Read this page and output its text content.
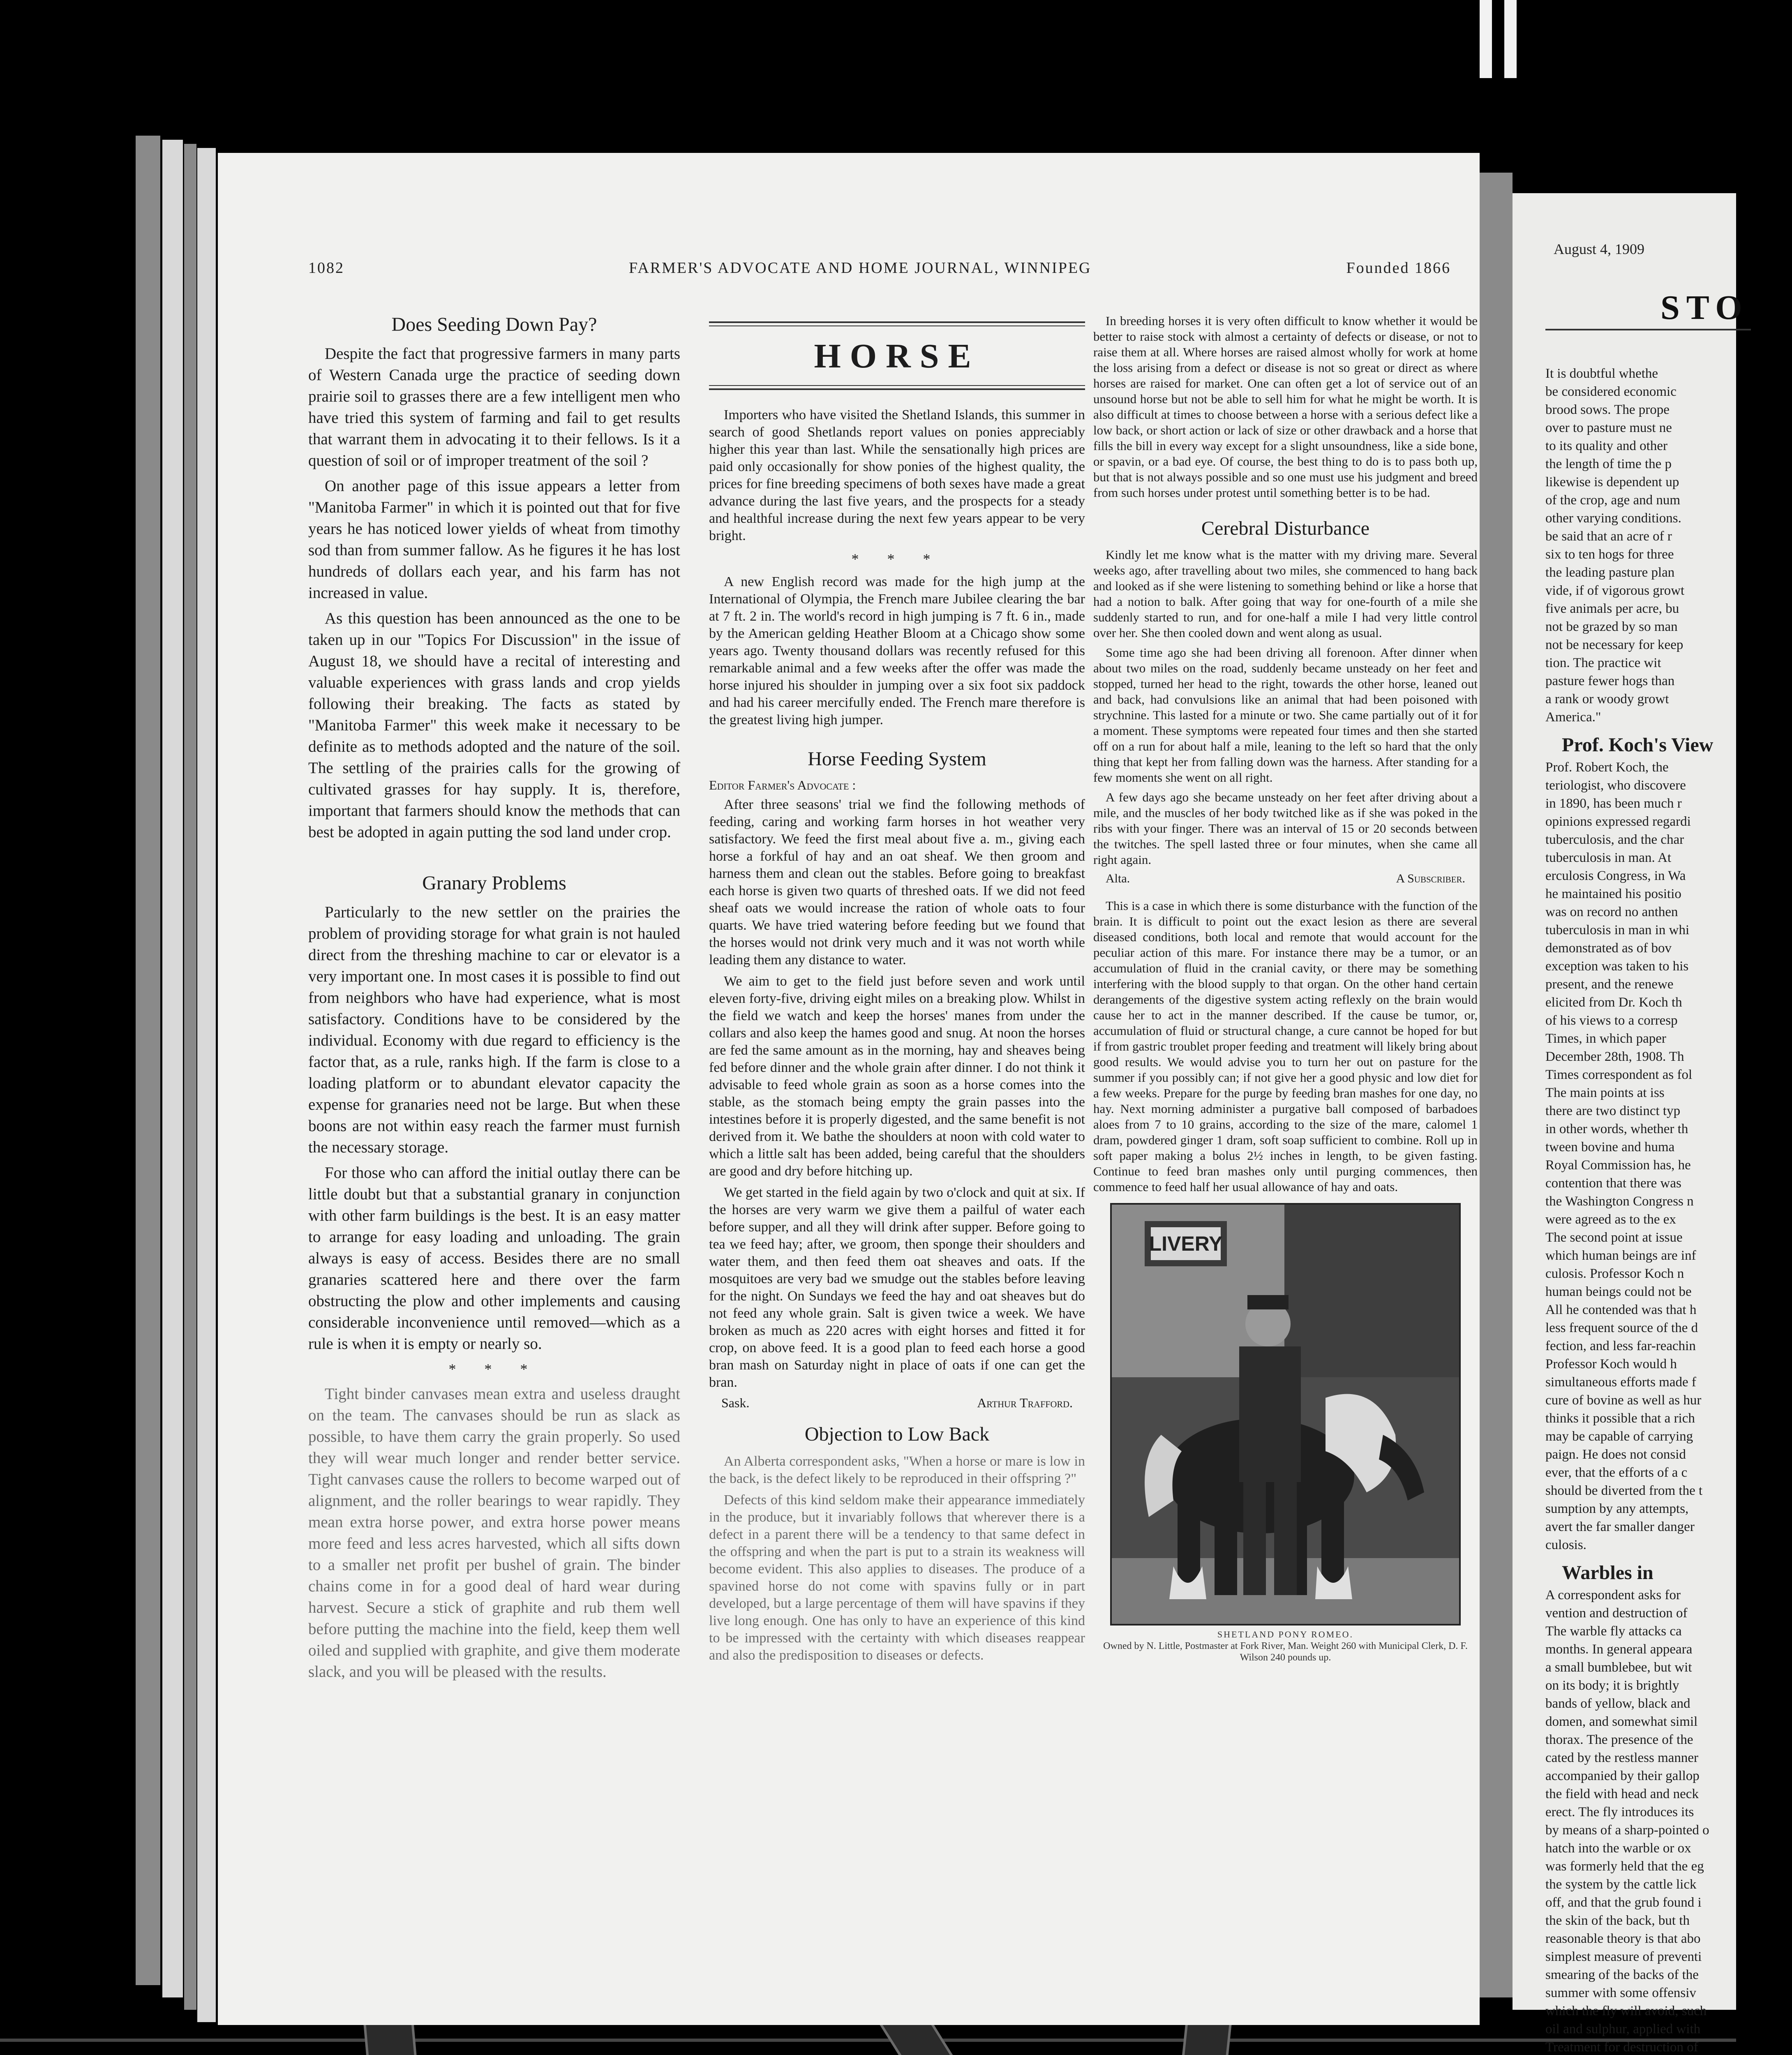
1082	FARMER'S ADVOCATE AND HOME JOURNAL, WINNIPEG	Founded 1866
Does Seeding Down Pay?

Despite the fact that progressive farmers in many parts of Western Canada urge the practice of seeding down prairie soil to grasses there are a few intelligent men who have tried this system of farming and fail to get results that warrant them in advocating it to their fellows. Is it a question of soil or of improper treatment of the soil ?

On another page of this issue appears a letter from "Manitoba Farmer" in which it is pointed out that for five years he has noticed lower yields of wheat from timothy sod than from summer fallow. As he figures it he has lost hundreds of dollars each year, and his farm has not increased in value.

As this question has been announced as the one to be taken up in our "Topics For Discussion" in the issue of August 18, we should have a recital of interesting and valuable experiences with grass lands and crop yields following their breaking. The facts as stated by "Manitoba Farmer" this week make it necessary to be definite as to methods adopted and the nature of the soil. The settling of the prairies calls for the growing of cultivated grasses for hay supply. It is, therefore, important that farmers should know the methods that can best be adopted in again putting the sod land under crop.

Granary Problems

Particularly to the new settler on the prairies the problem of providing storage for what grain is not hauled direct from the threshing machine to car or elevator is a very important one. In most cases it is possible to find out from neighbors who have had experience, what is most satisfactory. Conditions have to be considered by the individual. Economy with due regard to efficiency is the factor that, as a rule, ranks high. If the farm is close to a loading platform or to abundant elevator capacity the expense for granaries need not be large. But when these boons are not within easy reach the farmer must furnish the necessary storage.

For those who can afford the initial outlay there can be little doubt but that a substantial granary in conjunction with other farm buildings is the best. It is an easy matter to arrange for easy loading and unloading. The grain always is easy of access. Besides there are no small granaries scattered here and there over the farm obstructing the plow and other implements and causing considerable inconvenience until removed—which as a rule is when it is empty or nearly so.

* * *

Tight binder canvases mean extra and useless draught on the team. The canvases should be run as slack as possible, to have them carry the grain properly. So used they will wear much longer and render better service. Tight canvases cause the rollers to become warped out of alignment, and the roller bearings to wear rapidly. They mean extra horse power, and extra horse power means more feed and less acres harvested, which all sifts down to a smaller net profit per bushel of grain. The binder chains come in for a good deal of hard wear during harvest. Secure a stick of graphite and rub them well before putting the machine into the field, keep them well oiled and supplied with graphite, and give them moderate slack, and you will be pleased with the results.

HORSE

Importers who have visited the Shetland Islands, this summer in search of good Shetlands report values on ponies appreciably higher this year than last. While the sensationally high prices are paid only occasionally for show ponies of the highest quality, the prices for fine breeding specimens of both sexes have made a great advance during the last five years, and the prospects for a steady and healthful increase during the next few years appear to be very bright.

* * *

A new English record was made for the high jump at the International of Olympia, the French mare Jubilee clearing the bar at 7 ft. 2 in. The world's record in high jumping is 7 ft. 6 in., made by the American gelding Heather Bloom at a Chicago show some years ago. Twenty thousand dollars was recently refused for this remarkable animal and a few weeks after the offer was made the horse injured his shoulder in jumping over a six foot six paddock and had his career mercifully ended. The French mare therefore is the greatest living high jumper.

Horse Feeding System
Editor Farmer's Advocate :

After three seasons' trial we find the following methods of feeding, caring and working farm horses in hot weather very satisfactory. We feed the first meal about five a. m., giving each horse a forkful of hay and an oat sheaf. We then groom and harness them and clean out the stables. Before going to breakfast each horse is given two quarts of threshed oats. If we did not feed sheaf oats we would increase the ration of whole oats to four quarts. We have tried watering before feeding but we found that the horses would not drink very much and it was not worth while leading them any distance to water.

We aim to get to the field just before seven and work until eleven forty-five, driving eight miles on a breaking plow. Whilst in the field we watch and keep the horses' manes from under the collars and also keep the hames good and snug. At noon the horses are fed the same amount as in the morning, hay and sheaves being fed before dinner and the whole grain after dinner. I do not think it advisable to feed whole grain as soon as a horse comes into the stable, as the stomach being empty the grain passes into the intestines before it is properly digested, and the same benefit is not derived from it. We bathe the shoulders at noon with cold water to which a little salt has been added, being careful that the shoulders are good and dry before hitching up.

We get started in the field again by two o'clock and quit at six. If the horses are very warm we give them a pailful of water each before supper, and all they will drink after supper. Before going to tea we feed hay; after, we groom, then sponge their shoulders and water them, and then feed them oat sheaves and oats. If the mosquitoes are very bad we smudge out the stables before leaving for the night. On Sundays we feed the hay and oat sheaves but do not feed any whole grain. Salt is given twice a week. We have broken as much as 220 acres with eight horses and fitted it for crop, on above feed. It is a good plan to feed each horse a good bran mash on Saturday night in place of oats if one can get the bran.

Sask.	Arthur Trafford.
Objection to Low Back

An Alberta correspondent asks, "When a horse or mare is low in the back, is the defect likely to be reproduced in their offspring ?"

Defects of this kind seldom make their appearance immediately in the produce, but it invariably follows that wherever there is a defect in a parent there will be a tendency to that same defect in the offspring and when the part is put to a strain its weakness will become evident. This also applies to diseases. The produce of a spavined horse do not come with spavins fully or in part developed, but a large percentage of them will have spavins if they live long enough. One has only to have an experience of this kind to be impressed with the certainty with which diseases reappear and also the predisposition to diseases or defects.

In breeding horses it is very often difficult to know whether it would be better to raise stock with almost a certainty of defects or disease, or not to raise them at all. Where horses are raised almost wholly for work at home the loss arising from a defect or disease is not so great or direct as where horses are raised for market. One can often get a lot of service out of an unsound horse but not be able to sell him for what he might be worth. It is also difficult at times to choose between a horse with a serious defect like a low back, or short action or lack of size or other drawback and a horse that fills the bill in every way except for a slight unsoundness, like a side bone, or spavin, or a bad eye. Of course, the best thing to do is to pass both up, but that is not always possible and so one must use his judgment and breed from such horses under protest until something better is to be had.

Cerebral Disturbance

Kindly let me know what is the matter with my driving mare. Several weeks ago, after travelling about two miles, she commenced to hang back and looked as if she were listening to something behind or like a horse that had a notion to balk. After going that way for one-fourth of a mile she suddenly started to run, and for one-half a mile I had very little control over her. She then cooled down and went along as usual.

Some time ago she had been driving all forenoon. After dinner when about two miles on the road, suddenly became unsteady on her feet and stopped, turned her head to the right, towards the other horse, leaned out and back, had convulsions like an animal that had been poisoned with strychnine. This lasted for a minute or two. She came partially out of it for a moment. These symptoms were repeated four times and then she started off on a run for about half a mile, leaning to the left so hard that the only thing that kept her from falling down was the harness. After standing for a few moments she went on all right.

A few days ago she became unsteady on her feet after driving about a mile, and the muscles of her body twitched like as if she was poked in the ribs with your finger. There was an interval of 15 or 20 seconds between the twitches. The spell lasted three or four minutes, when she came all right again.

Alta.	A Subscriber.

This is a case in which there is some disturbance with the function of the brain. It is difficult to point out the exact lesion as there are several diseased conditions, both local and remote that would account for the peculiar action of this mare. For instance there may be a tumor, or an accumulation of fluid in the cranial cavity, or there may be something interfering with the blood supply to that organ. On the other hand certain derangements of the digestive system acting reflexly on the brain would cause her to act in the manner described. If the cause be tumor, or, accumulation of fluid or structural change, a cure cannot be hoped for but if from gastric troublet proper feeding and treatment will likely bring about good results. We would advise you to turn her out on pasture for the summer if you possibly can; if not give her a good physic and low diet for a few weeks. Prepare for the purge by feeding bran mashes for one day, no hay. Next morning administer a purgative ball composed of barbadoes aloes from 7 to 10 grains, according to the size of the mare, calomel 1 dram, powdered ginger 1 dram, soft soap sufficient to combine. Roll up in soft paper making a bolus 2½ inches in length, to be given fasting. Continue to feed bran mashes only until purging commences, then commence to feed half her usual allowance of hay and oats.

LIVERY
SHETLAND PONY ROMEO.
Owned by N. Little, Postmaster at Fork River, Man. Weight 260 with Municipal Clerk, D. F. Wilson 240 pounds up.
August 4, 1909
STO

It is doubtful whethe

be considered economic

brood sows. The prope

over to pasture must ne

to its quality and other

the length of time the p

likewise is dependent up

of the crop, age and num

other varying conditions.

be said that an acre of r

six to ten hogs for three

the leading pasture plan

vide, if of vigorous growt

five animals per acre, bu

not be grazed by so man

not be necessary for keep

tion. The practice wit

pasture fewer hogs than

a rank or woody growt

America."

Prof. Koch's View

Prof. Robert Koch, the

teriologist, who discovere

in 1890, has been much r

opinions expressed regardi

tuberculosis, and the char

tuberculosis in man. At

erculosis Congress, in Wa

he maintained his positio

was on record no anthen

tuberculosis in man in whi

demonstrated as of bov

exception was taken to his

present, and the renewe

elicited from Dr. Koch th

of his views to a corresp

Times, in which paper

December 28th, 1908. Th

Times correspondent as fol

The main points at iss

there are two distinct typ

in other words, whether th

tween bovine and huma

Royal Commission has, he

contention that there was

the Washington Congress n

were agreed as to the ex

The second point at issue

which human beings are inf

culosis. Professor Koch n

human beings could not be

All he contended was that h

less frequent source of the d

fection, and less far-reachin

Professor Koch would h

simultaneous efforts made f

cure of bovine as well as hur

thinks it possible that a rich

may be capable of carrying

paign. He does not consid

ever, that the efforts of a c

should be diverted from the t

sumption by any attempts,

avert the far smaller danger

culosis.

Warbles in

A correspondent asks for

vention and destruction of

The warble fly attacks ca

months. In general appeara

a small bumblebee, but wit

on its body; it is brightly

bands of yellow, black and

domen, and somewhat simil

thorax. The presence of the

cated by the restless manner

accompanied by their gallop

the field with head and neck

erect. The fly introduces its

by means of a sharp-pointed o

hatch into the warble or ox

was formerly held that the eg

the system by the cattle lick

off, and that the grub found i

the skin of the back, but th

reasonable theory is that abo

simplest measure of preventi

smearing of the backs of the

summer with some offensiv

which the fly will avoid, such

oil and sulphur, applied with

Treatment for destruction of
